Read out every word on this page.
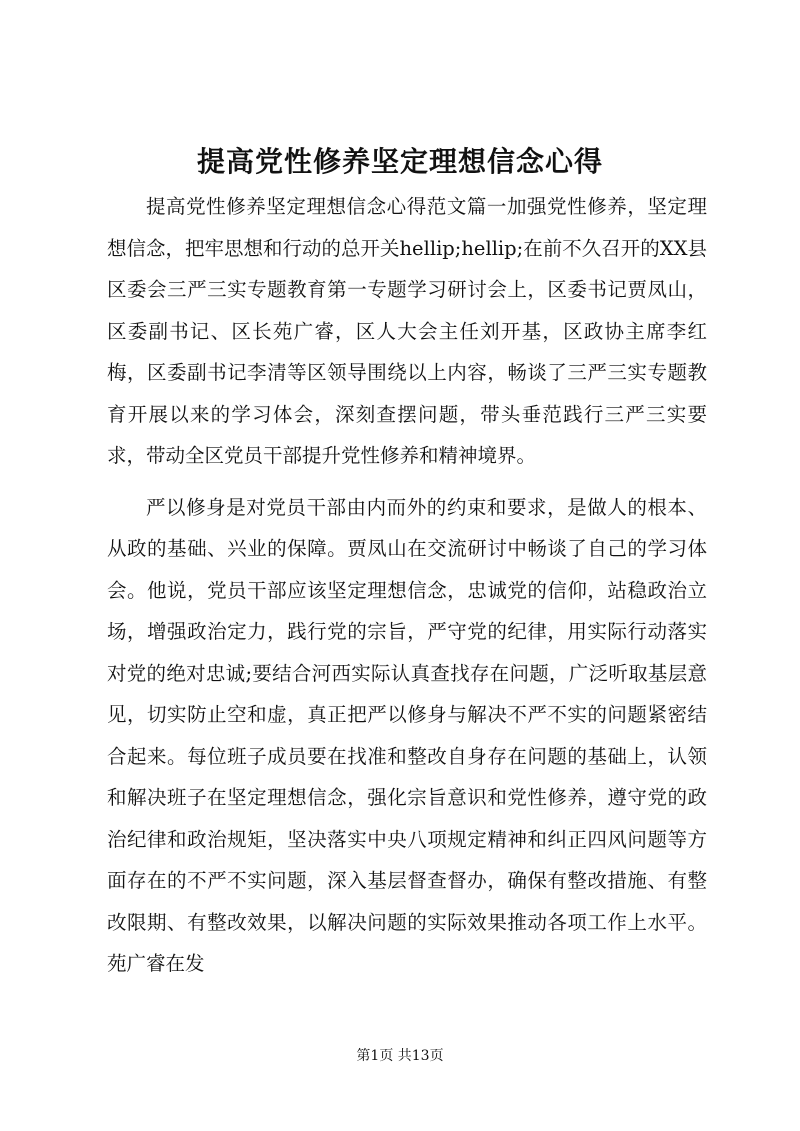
提高党性修养坚定理想信念心得

提高党性修养坚定理想信念心得范文篇一加强党性修养，坚定理想信念，把牢思想和行动的总开关hellip;hellip;在前不久召开的XX县区委会三严三实专题教育第一专题学习研讨会上，区委书记贾凤山，区委副书记、区长苑广睿，区人大会主任刘开基，区政协主席李红梅，区委副书记李清等区领导围绕以上内容，畅谈了三严三实专题教育开展以来的学习体会，深刻查摆问题，带头垂范践行三严三实要求，带动全区党员干部提升党性修养和精神境界。

严以修身是对党员干部由内而外的约束和要求，是做人的根本、从政的基础、兴业的保障。贾凤山在交流研讨中畅谈了自己的学习体会。他说，党员干部应该坚定理想信念，忠诚党的信仰，站稳政治立场，增强政治定力，践行党的宗旨，严守党的纪律，用实际行动落实对党的绝对忠诚;要结合河西实际认真查找存在问题，广泛听取基层意见，切实防止空和虚，真正把严以修身与解决不严不实的问题紧密结合起来。每位班子成员要在找准和整改自身存在问题的基础上，认领和解决班子在坚定理想信念，强化宗旨意识和党性修养，遵守党的政治纪律和政治规矩，坚决落实中央八项规定精神和纠正四风问题等方面存在的不严不实问题，深入基层督查督办，确保有整改措施、有整改限期、有整改效果，以解决问题的实际效果推动各项工作上水平。苑广睿在发

第1页 共13页
